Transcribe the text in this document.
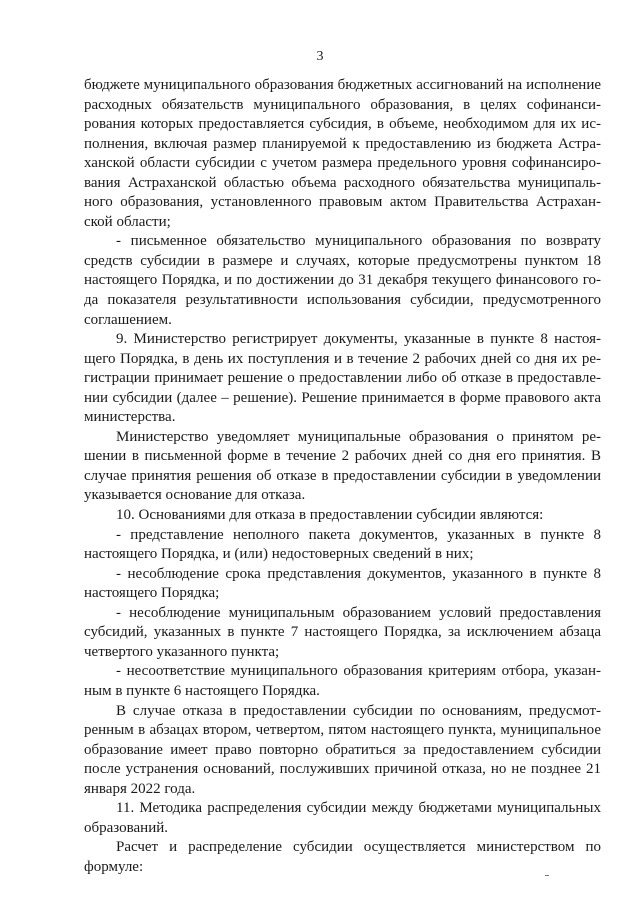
3

бюджете муниципального образования бюджетных ассигнований на исполнение расходных обязательств муниципального образования, в целях софинансирования которых предоставляется субсидия, в объеме, необходимом для их исполнения, включая размер планируемой к предоставлению из бюджета Астраханской области субсидии с учетом размера предельного уровня софинансирования Астраханской областью объема расходного обязательства муниципального образования, установленного правовым актом Правительства Астраханской области;

- письменное обязательство муниципального образования по возврату средств субсидии в размере и случаях, которые предусмотрены пунктом 18 настоящего Порядка, и по достижении до 31 декабря текущего финансового года показателя результативности использования субсидии, предусмотренного соглашением.

9. Министерство регистрирует документы, указанные в пункте 8 настоящего Порядка, в день их поступления и в течение 2 рабочих дней со дня их регистрации принимает решение о предоставлении либо об отказе в предоставлении субсидии (далее – решение). Решение принимается в форме правового акта министерства.

Министерство уведомляет муниципальные образования о принятом решении в письменной форме в течение 2 рабочих дней со дня его принятия. В случае принятия решения об отказе в предоставлении субсидии в уведомлении указывается основание для отказа.

10. Основаниями для отказа в предоставлении субсидии являются:

- представление неполного пакета документов, указанных в пункте 8 настоящего Порядка, и (или) недостоверных сведений в них;

- несоблюдение срока представления документов, указанного в пункте 8 настоящего Порядка;

- несоблюдение муниципальным образованием условий предоставления субсидий, указанных в пункте 7 настоящего Порядка, за исключением абзаца четвертого указанного пункта;

- несоответствие муниципального образования критериям отбора, указанным в пункте 6 настоящего Порядка.

В случае отказа в предоставлении субсидии по основаниям, предусмотренным в абзацах втором, четвертом, пятом настоящего пункта, муниципальное образование имеет право повторно обратиться за предоставлением субсидии после устранения оснований, послуживших причиной отказа, но не позднее 21 января 2022 года.

11. Методика распределения субсидии между бюджетами муниципальных образований.

Расчет и распределение субсидии осуществляется министерством по формуле:
